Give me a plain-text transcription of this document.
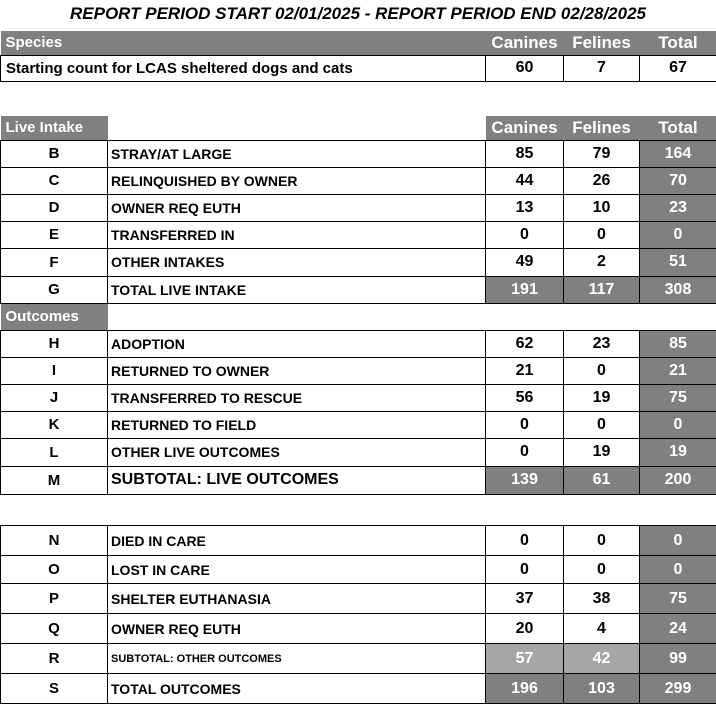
REPORT PERIOD START 02/01/2025 - REPORT PERIOD END 02/28/2025
Species	Canines	Felines	Total
Starting count for LCAS sheltered dogs and cats	60	7	67
Live Intake		Canines	Felines	Total
B	STRAY/AT LARGE	85	79	164
C	RELINQUISHED BY OWNER	44	26	70
D	OWNER REQ EUTH	13	10	23
E	TRANSFERRED IN	0	0	0
F	OTHER INTAKES	49	2	51
G	TOTAL LIVE INTAKE	191	117	308
Outcomes				
H	ADOPTION	62	23	85
I	RETURNED TO OWNER	21	0	21
J	TRANSFERRED TO RESCUE	56	19	75
K	RETURNED TO FIELD	0	0	0
L	OTHER LIVE OUTCOMES	0	19	19
M	SUBTOTAL: LIVE OUTCOMES	139	61	200
N	DIED IN CARE	0	0	0
O	LOST IN CARE	0	0	0
P	SHELTER EUTHANASIA	37	38	75
Q	OWNER REQ EUTH	20	4	24
R	SUBTOTAL: OTHER OUTCOMES	57	42	99
S	TOTAL OUTCOMES	196	103	299
